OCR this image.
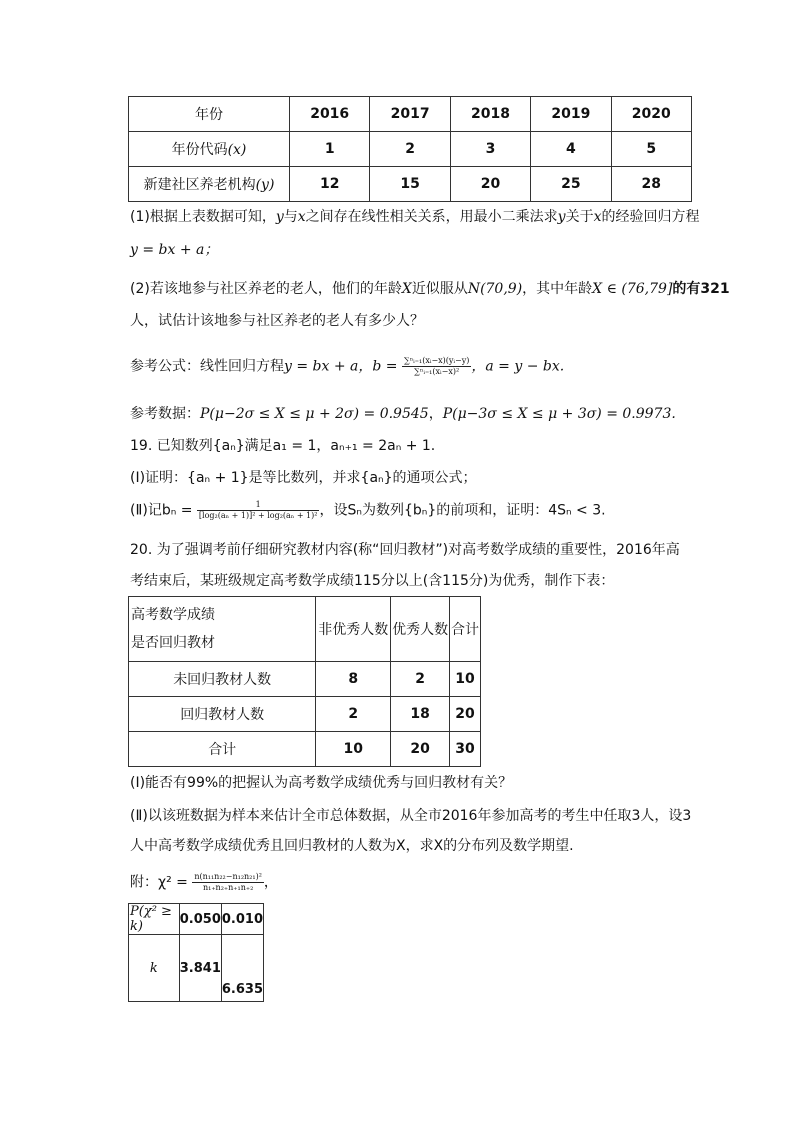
年份	2016	2017	2018	2019	2020
年份代码(x)	1	2	3	4	5
新建社区养老机构(y)	12	15	20	25	28
(1)根据上表数据可知，y与x之间存在线性相关关系，用最小二乘法求y关于x的经验回归方程
y = bx + a；
(2)若该地参与社区养老的老人，他们的年龄X近似服从N(70,9)，其中年龄X ∈ (76,79]的有321
人，试估计该地参与社区养老的老人有多少人？
参考公式：线性回归方程y = bx + a，$b = \frac{\text{∑ⁿᵢ₌₁(xᵢ−x)(yᵢ−y)}}{\text{∑ⁿᵢ₌₁(xᵢ−x)²}}$ ，a = y − bx.
参考数据：P(μ−2σ ≤ X ≤ μ + 2σ) = 0.9545，P(μ−3σ ≤ X ≤ μ + 3σ) = 0.9973.
19. 已知数列{aₙ}满足a₁ = 1，aₙ₊₁ = 2aₙ + 1.
(Ⅰ)证明：{aₙ + 1}是等比数列，并求{aₙ}的通项公式；
(Ⅱ)记$b_n = \frac{1}{\text{[log₂(aₙ + 1)]² + log₂(aₙ + 1)²}}$ ，设Sₙ为数列{bₙ}的前项和，证明：4Sₙ < 3.
20. 为了强调考前仔细研究教材内容(称“回归教材”)对高考数学成绩的重要性，2016年高
考结束后，某班级规定高考数学成绩115分以上(含115分)为优秀，制作下表：
高考数学成绩
是否回归教材	非优秀人数	优秀人数	合计
未回归教材人数	8	2	10
回归教材人数	2	18	20
合计	10	20	30
(Ⅰ)能否有99%的把握认为高考数学成绩优秀与回归教材有关？
(Ⅱ)以该班数据为样本来估计全市总体数据，从全市2016年参加高考的考生中任取3人，设3
人中高考数学成绩优秀且回归教材的人数为X，求X的分布列及数学期望.
附：$\chi^2 = \frac{\text{n(n₁₁n₂₂−n₁₂n₂₁)²}}{\text{n₁₊n₂₊n₊₁n₊₂}}$ ，
P(χ² ≥ k)	0.050	0.010
k	3.841	6.635
